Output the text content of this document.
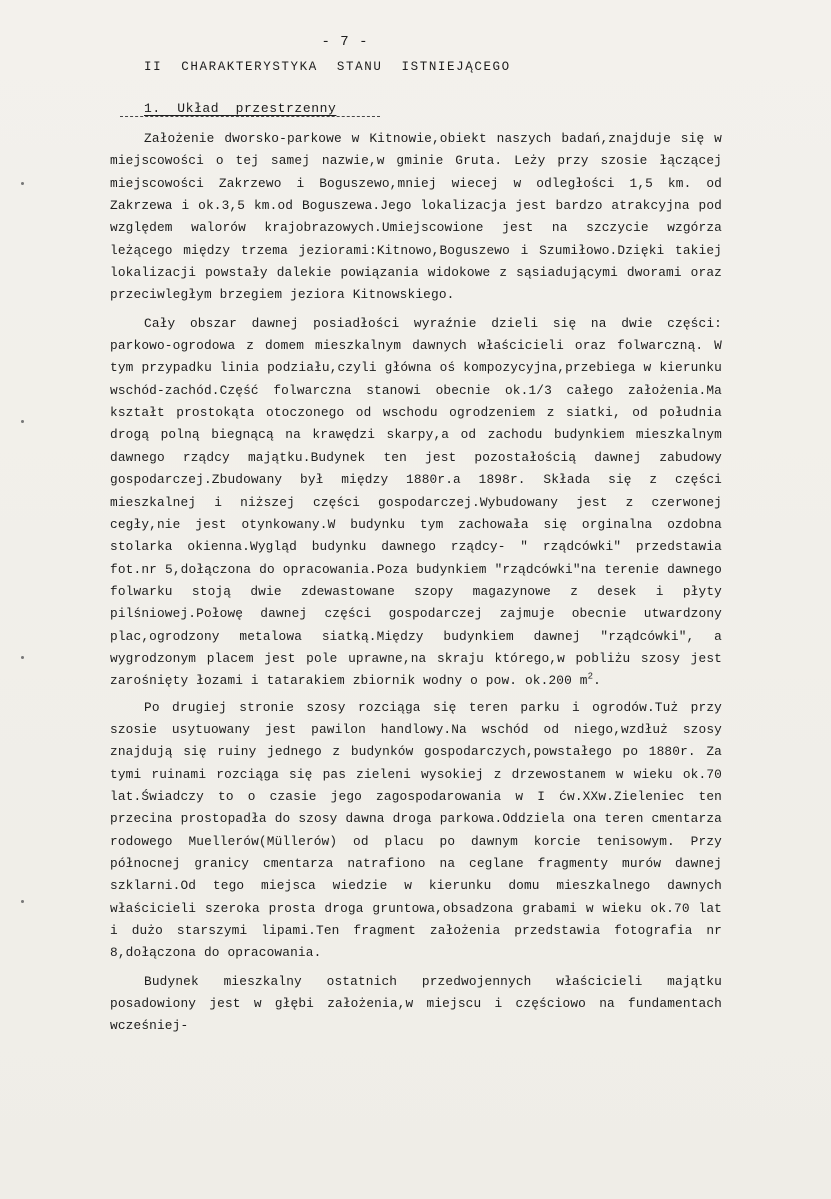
- 7 -
II CHARAKTERYSTYKA STANU ISTNIEJĄCEGO
1. Układ przestrzenny

Założenie dworsko-parkowe w Kitnowie,obiekt naszych badań,znajduje się w miejscowości o tej samej nazwie,w gminie Gruta. Leży przy szosie łączącej miejscowości Zakrzewo i Boguszewo,mniej wiecej w odległości 1,5 km. od Zakrzewa i ok.3,5 km.od Boguszewa.Jego lokalizacja jest bardzo atrakcyjna pod względem walorów krajobrazowych.Umiejscowione jest na szczycie wzgórza leżącego między trzema jeziorami:Kitnowo,Boguszewo i Szumiłowo.Dzięki takiej lokalizacji powstały dalekie powiązania widokowe z sąsiadującymi dworami oraz przeciwległym brzegiem jeziora Kitnowskiego.

Cały obszar dawnej posiadłości wyraźnie dzieli się na dwie części: parkowo-ogrodowa z domem mieszkalnym dawnych właścicieli oraz folwarczną. W tym przypadku linia podziału,czyli główna oś kompozycyjna,przebiega w kierunku wschód-zachód.Część folwarczna stanowi obecnie ok.1/3 całego założenia.Ma kształt prostokąta otoczonego od wschodu ogrodzeniem z siatki, od południa drogą polną biegnącą na krawędzi skarpy,a od zachodu budynkiem mieszkalnym dawnego rządcy majątku.Budynek ten jest pozostałością dawnej zabudowy gospodarczej.Zbudowany był między 1880r.a 1898r. Składa się z części mieszkalnej i niższej części gospodarczej.Wybudowany jest z czerwonej cegły,nie jest otynkowany.W budynku tym zachowała się orginalna ozdobna stolarka okienna.Wygląd budynku dawnego rządcy- " rządcówki" przedstawia fot.nr 5,dołączona do opracowania.Poza budynkiem "rządcówki"na terenie dawnego folwarku stoją dwie zdewastowane szopy magazynowe z desek i płyty pilśniowej.Połowę dawnej części gospodarczej zajmuje obecnie utwardzony plac,ogrodzony metalowa siatką.Między budynkiem dawnej "rządcówki", a wygrodzonym placem jest pole uprawne,na skraju którego,w pobliżu szosy jest zarośnięty łozami i tatarakiem zbiornik wodny o pow. ok.200 $m^2$.

Po drugiej stronie szosy rozciąga się teren parku i ogrodów.Tuż przy szosie usytuowany jest pawilon handlowy.Na wschód od niego,wzdłuż szosy znajdują się ruiny jednego z budynków gospodarczych,powstałego po 1880r. Za tymi ruinami rozciąga się pas zieleni wysokiej z drzewostanem w wieku ok.70 lat.Świadczy to o czasie jego zagospodarowania w I ćw.XXw.Zieleniec ten przecina prostopadła do szosy dawna droga parkowa.Oddziela ona teren cmentarza rodowego Muellerów(Müllerów) od placu po dawnym korcie tenisowym. Przy północnej granicy cmentarza natrafiono na ceglane fragmenty murów dawnej szklarni.Od tego miejsca wiedzie w kierunku domu mieszkalnego dawnych właścicieli szeroka prosta droga gruntowa,obsadzona grabami w wieku ok.70 lat i dużo starszymi lipami.Ten fragment założenia przedstawia fotografia nr 8,dołączona do opracowania.

Budynek mieszkalny ostatnich przedwojennych właścicieli majątku posadowiony jest w głębi założenia,w miejscu i częściowo na fundamentach wcześniej-
